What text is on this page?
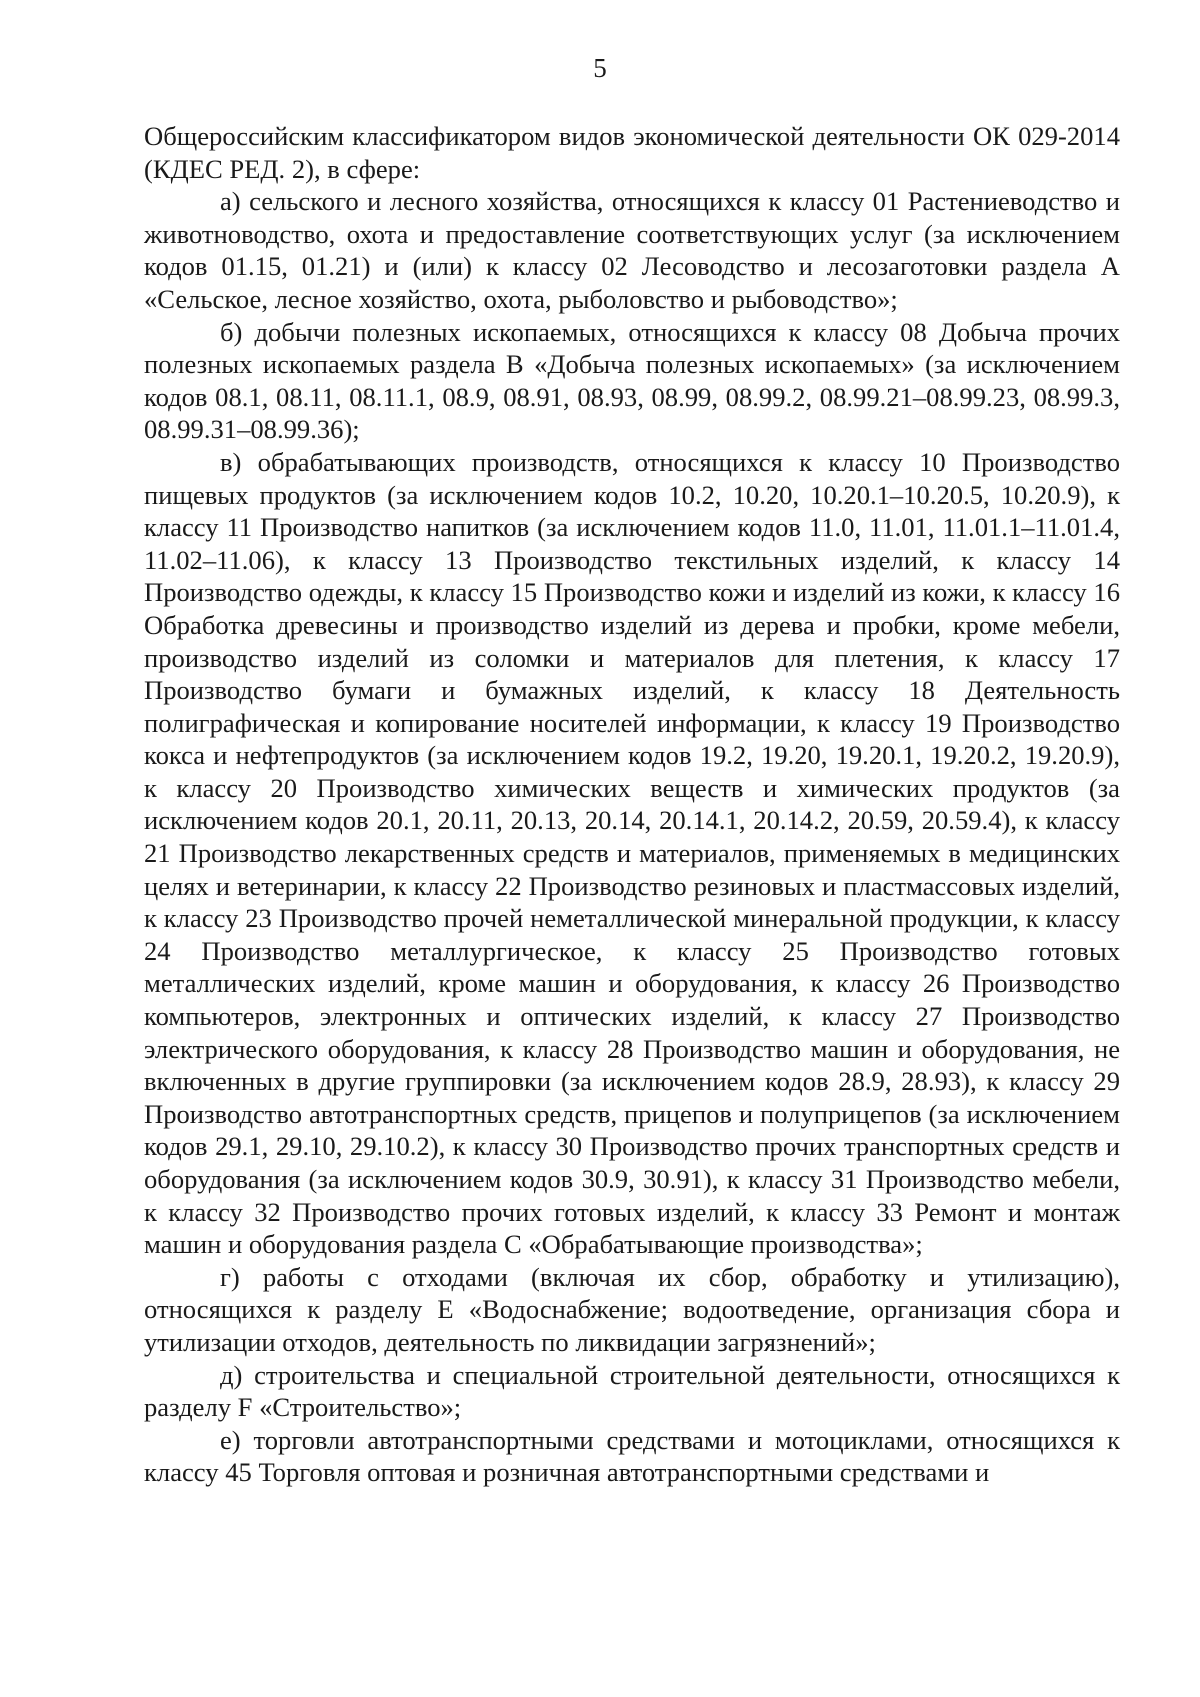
5

Общероссийским классификатором видов экономической деятельности ОК 029-2014 (КДЕС РЕД. 2), в сфере:

а) сельского и лесного хозяйства, относящихся к классу 01 Растениеводство и животноводство, охота и предоставление соответствующих услуг (за исключением кодов 01.15, 01.21) и (или) к классу 02 Лесоводство и лесозаготовки раздела A «Сельское, лесное хозяйство, охота, рыболовство и рыбоводство»;

б) добычи полезных ископаемых, относящихся к классу 08 Добыча прочих полезных ископаемых раздела B «Добыча полезных ископаемых» (за исключением кодов 08.1, 08.11, 08.11.1, 08.9, 08.91, 08.93, 08.99, 08.99.2, 08.99.21–08.99.23, 08.99.3, 08.99.31–08.99.36);

в) обрабатывающих производств, относящихся к классу 10 Производство пищевых продуктов (за исключением кодов 10.2, 10.20, 10.20.1–10.20.5, 10.20.9), к классу 11 Производство напитков (за исключением кодов 11.0, 11.01, 11.01.1–11.01.4, 11.02–11.06), к классу 13 Производство текстильных изделий, к классу 14 Производство одежды, к классу 15 Производство кожи и изделий из кожи, к классу 16 Обработка древесины и производство изделий из дерева и пробки, кроме мебели, производство изделий из соломки и материалов для плетения, к классу 17 Производство бумаги и бумажных изделий, к классу 18 Деятельность полиграфическая и копирование носителей информации, к классу 19 Производство кокса и нефтепродуктов (за исключением кодов 19.2, 19.20, 19.20.1, 19.20.2, 19.20.9), к классу 20 Производство химических веществ и химических продуктов (за исключением кодов 20.1, 20.11, 20.13, 20.14, 20.14.1, 20.14.2, 20.59, 20.59.4), к классу 21 Производство лекарственных средств и материалов, применяемых в медицинских целях и ветеринарии, к классу 22 Производство резиновых и пластмассовых изделий, к классу 23 Производство прочей неметаллической минеральной продукции, к классу 24 Производство металлургическое, к классу 25 Производство готовых металлических изделий, кроме машин и оборудования, к классу 26 Производство компьютеров, электронных и оптических изделий, к классу 27 Производство электрического оборудования, к классу 28 Производство машин и оборудования, не включенных в другие группировки (за исключением кодов 28.9, 28.93), к классу 29 Производство автотранспортных средств, прицепов и полуприцепов (за исключением кодов 29.1, 29.10, 29.10.2), к классу 30 Производство прочих транспортных средств и оборудования (за исключением кодов 30.9, 30.91), к классу 31 Производство мебели, к классу 32 Производство прочих готовых изделий, к классу 33 Ремонт и монтаж машин и оборудования раздела C «Обрабатывающие производства»;

г) работы с отходами (включая их сбор, обработку и утилизацию), относящихся к разделу E «Водоснабжение; водоотведение, организация сбора и утилизации отходов, деятельность по ликвидации загрязнений»;

д) строительства и специальной строительной деятельности, относящихся к разделу F «Строительство»;

е) торговли автотранспортными средствами и мотоциклами, относящихся к классу 45 Торговля оптовая и розничная автотранспортными средствами и
